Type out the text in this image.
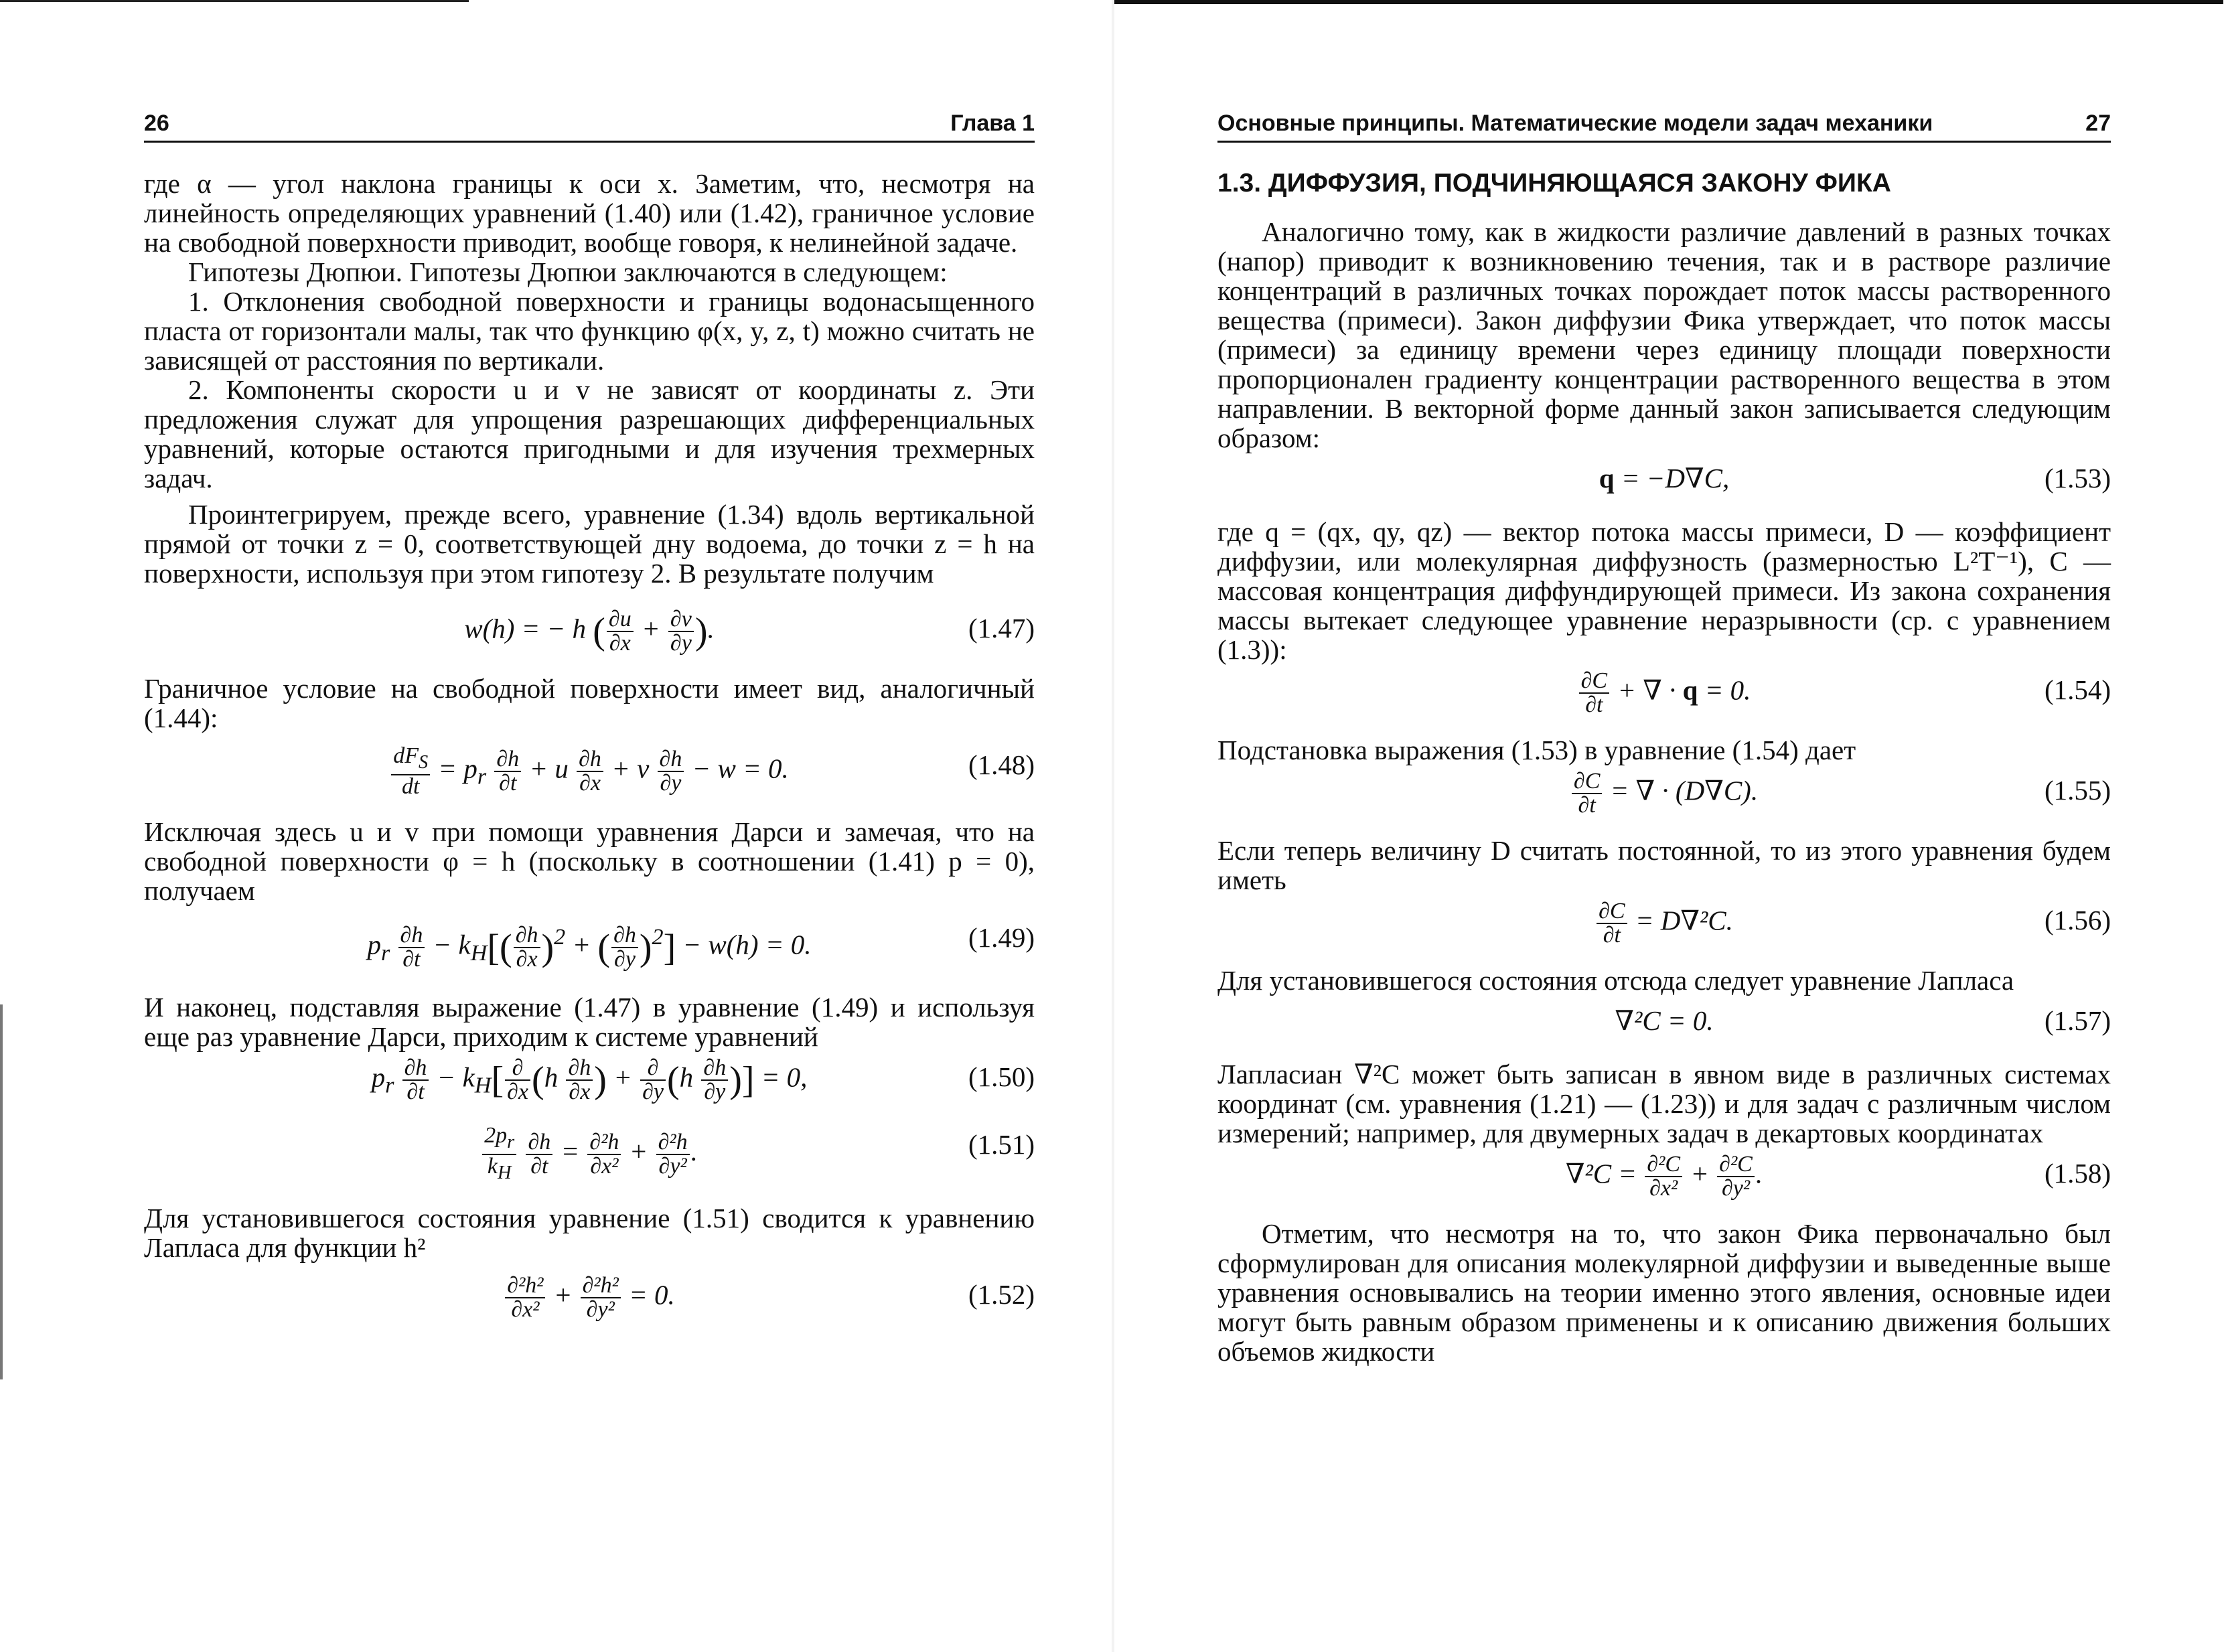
26	Глава 1

где α — угол наклона границы к оси x. Заметим, что, несмотря на линейность определяющих уравнений (1.40) или (1.42), граничное условие на свободной поверхности приводит, вообще говоря, к нелинейной задаче.

Гипотезы Дюпюи. Гипотезы Дюпюи заключаются в следующем:

1. Отклонения свободной поверхности и границы водонасыщенного пласта от горизонтали малы, так что функцию φ(x, y, z, t) можно считать не зависящей от расстояния по вертикали.

2. Компоненты скорости u и v не зависят от координаты z. Эти предложения служат для упрощения разрешающих дифференциальных уравнений, которые остаются пригодными и для изучения трехмерных задач.

Проинтегрируем, прежде всего, уравнение (1.34) вдоль вертикальной прямой от точки z = 0, соответствующей дну водоема, до точки z = h на поверхности, используя при этом гипотезу 2. В результате получим

w(h) = − h ( $\frac{\partial u}{\partial x} + \frac{\partial v}{\partial y}$ ).	(1.47)

Граничное условие на свободной поверхности имеет вид, аналогичный (1.44):

$\frac{dF_S}{dt} = p_r \frac{\partial h}{\partial t} + u \frac{\partial h}{\partial x} + v \frac{\partial h}{\partial y} - w = 0$.	(1.48)

Исключая здесь u и v при помощи уравнения Дарси и замечая, что на свободной поверхности φ = h (поскольку в соотношении (1.41) p = 0), получаем

$p_r \frac{\partial h}{\partial t} - k_H[( \frac{\partial h}{\partial x} )^2$ + ( $\frac{\partial h}{\partial y} )^2] - w(h) = 0$.	(1.49)

И наконец, подставляя выражение (1.47) в уравнение (1.49) и используя еще раз уравнение Дарси, приходим к системе уравнений

$p_r \frac{\partial h}{\partial t} - k_H[ \frac{\partial}{\partial x} (h \frac{\partial h}{\partial x}$ ) + $\frac{\partial}{\partial y} (h \frac{\partial h}{\partial y}$ )] = 0,	(1.50)
$\frac{2p_r}{k_H}$
$\frac{\partial h}{\partial t} = \frac{\text{∂²h}}{\text{∂x²}} + \frac{\text{∂²h}}{\text{∂y²}}$ .	(1.51)

Для установившегося состояния уравнение (1.51) сводится к уравнению Лапласа для функции h²

$\frac{\text{∂²h²}}{\text{∂x²}} + \frac{\text{∂²h²}}{\text{∂y²}} = 0$.	(1.52)
Основные принципы. Математические модели задач механики	27
1.3. ДИФФУЗИЯ, ПОДЧИНЯЮЩАЯСЯ ЗАКОНУ ФИКА

Аналогично тому, как в жидкости различие давлений в разных точках (напор) приводит к возникновению течения, так и в растворе различие концентраций в различных точках порождает поток массы растворенного вещества (примеси). Закон диффузии Фика утверждает, что поток массы (примеси) за единицу времени через единицу площади поверхности пропорционален градиенту концентрации растворенного вещества в этом направлении. В векторной форме данный закон записывается следующим образом:

q = −D∇C,	(1.53)

где q = (qx, qy, qz) — вектор потока массы примеси, D — коэффициент диффузии, или молекулярная диффузность (размерностью L²T⁻¹), C — массовая концентрация диффундирующей примеси. Из закона сохранения массы вытекает следующее уравнение неразрывности (ср. с уравнением (1.3)):

$\frac{\partial C}{\partial t}$ + ∇ · q = 0.	(1.54)

Подстановка выражения (1.53) в уравнение (1.54) дает

$\frac{\partial C}{\partial t}$ = ∇ · (D∇C).	(1.55)

Если теперь величину D считать постоянной, то из этого уравнения будем иметь

$\frac{\partial C}{\partial t} = D\nabla^2C$.	(1.56)

Для установившегося состояния отсюда следует уравнение Лапласа

∇²C = 0.	(1.57)

Лапласиан ∇²C может быть записан в явном виде в различных системах координат (см. уравнения (1.21) — (1.23)) и для задач с различным числом измерений; например, для двумерных задач в декартовых координатах

$\nabla^2C = \frac{\text{∂²C}}{\text{∂x²}} + \frac{\text{∂²C}}{\text{∂y²}}$ .	(1.58)

Отметим, что несмотря на то, что закон Фика первоначально был сформулирован для описания молекулярной диффузии и выведенные выше уравнения основывались на теории именно этого явления, основные идеи могут быть равным образом применены и к описанию движения больших объемов жидкости
